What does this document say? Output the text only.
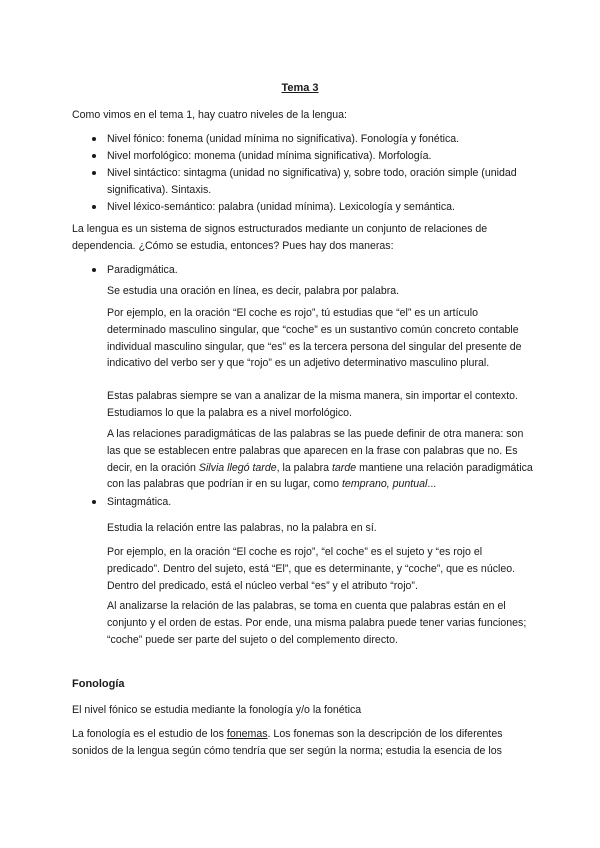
Tema 3
Como vimos en el tema 1, hay cuatro niveles de la lengua:
Nivel fónico: fonema (unidad mínima no significativa). Fonología y fonética.
Nivel morfológico: monema (unidad mínima significativa). Morfología.
Nivel sintáctico: sintagma (unidad no significativa) y, sobre todo, oración simple (unidad significativa). Sintaxis.
Nivel léxico-semántico: palabra (unidad mínima). Lexicología y semántica.
La lengua es un sistema de signos estructurados mediante un conjunto de relaciones de dependencia. ¿Cómo se estudia, entonces? Pues hay dos maneras:
Paradigmática.
Se estudia una oración en línea, es decir, palabra por palabra.
Por ejemplo, en la oración “El coche es rojo”, tú estudias que “el” es un artículo determinado masculino singular, que “coche” es un sustantivo común concreto contable individual masculino singular, que “es” es la tercera persona del singular del presente de indicativo del verbo ser y que “rojo” es un adjetivo determinativo masculino plural.
Estas palabras siempre se van a analizar de la misma manera, sin importar el contexto. Estudiamos lo que la palabra es a nivel morfológico.
A las relaciones paradigmáticas de las palabras se las puede definir de otra manera: son las que se establecen entre palabras que aparecen en la frase con palabras que no. Es decir, en la oración Silvia llegó tarde, la palabra tarde mantiene una relación paradigmática con las palabras que podrían ir en su lugar, como temprano, puntual...
Sintagmática.
Estudia la relación entre las palabras, no la palabra en sí.
Por ejemplo, en la oración “El coche es rojo”, “el coche” es el sujeto y “es rojo el predicado”. Dentro del sujeto, está “El”, que es determinante, y “coche”, que es núcleo. Dentro del predicado, está el núcleo verbal “es” y el atributo “rojo”.
Al analizarse la relación de las palabras, se toma en cuenta que palabras están en el conjunto y el orden de estas. Por ende, una misma palabra puede tener varias funciones; “coche” puede ser parte del sujeto o del complemento directo.
Fonología
El nivel fónico se estudia mediante la fonología y/o la fonética
La fonología es el estudio de los fonemas. Los fonemas son la descripción de los diferentes sonidos de la lengua según cómo tendría que ser según la norma; estudia la esencia de los
